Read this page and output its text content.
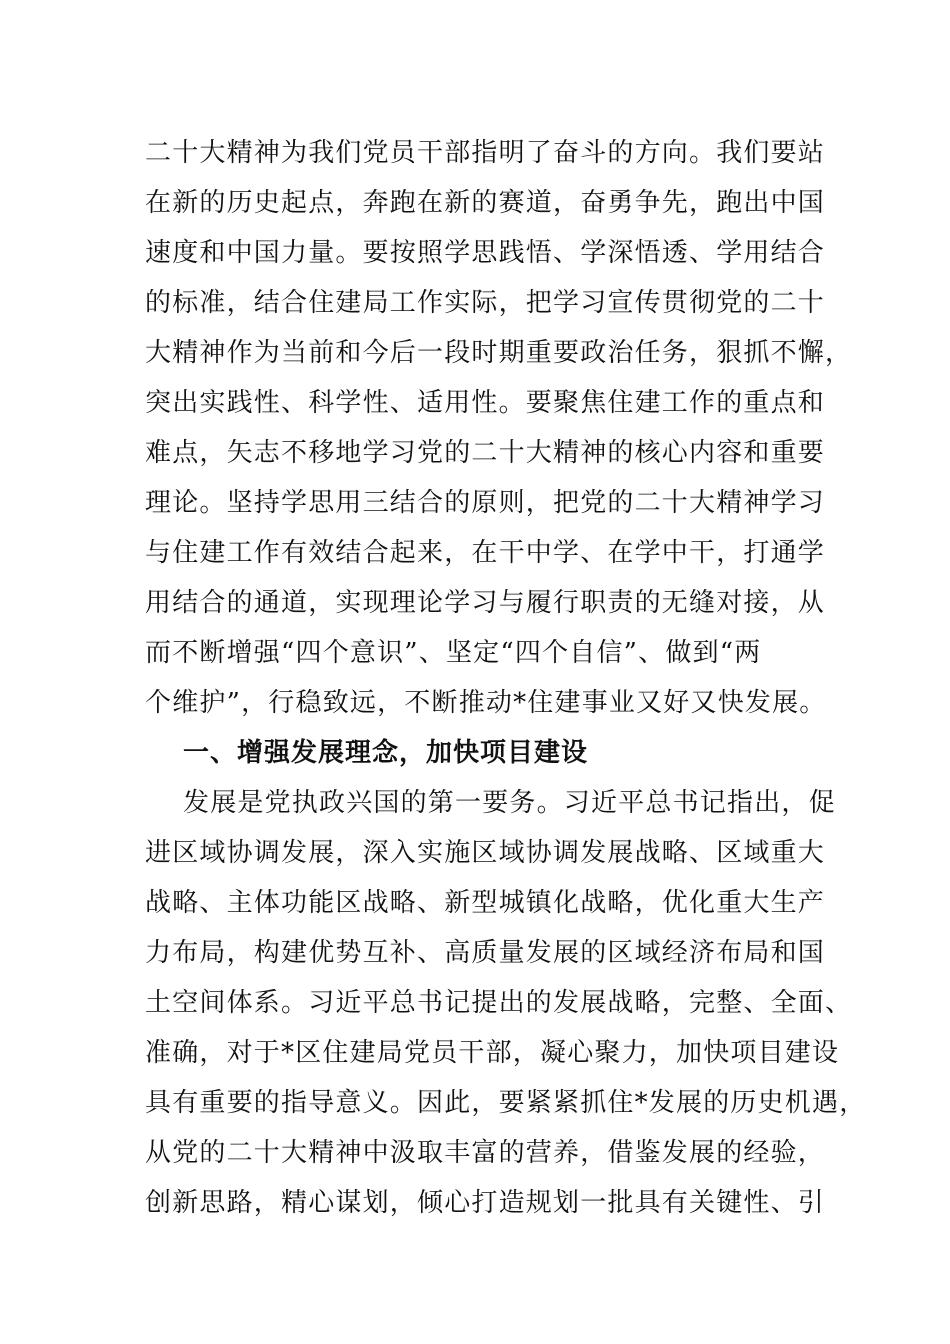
二十大精神为我们党员干部指明了奋斗的方向。我们要站
在新的历史起点，奔跑在新的赛道，奋勇争先，跑出中国
速度和中国力量。要按照学思践悟、学深悟透、学用结合
的标准，结合住建局工作实际，把学习宣传贯彻党的二十
大精神作为当前和今后一段时期重要政治任务，狠抓不懈，
突出实践性、科学性、适用性。要聚焦住建工作的重点和
难点，矢志不移地学习党的二十大精神的核心内容和重要
理论。坚持学思用三结合的原则，把党的二十大精神学习
与住建工作有效结合起来，在干中学、在学中干，打通学
用结合的通道，实现理论学习与履行职责的无缝对接，从
而不断增强“四个意识”、坚定“四个自信”、做到“两
个维护”，行稳致远，不断推动*住建事业又好又快发展。
一、增强发展理念，加快项目建设
发展是党执政兴国的第一要务。习近平总书记指出，促
进区域协调发展，深入实施区域协调发展战略、区域重大
战略、主体功能区战略、新型城镇化战略，优化重大生产
力布局，构建优势互补、高质量发展的区域经济布局和国
土空间体系。习近平总书记提出的发展战略，完整、全面、
准确，对于*区住建局党员干部，凝心聚力，加快项目建设
具有重要的指导意义。因此，要紧紧抓住*发展的历史机遇，
从党的二十大精神中汲取丰富的营养，借鉴发展的经验，
创新思路，精心谋划，倾心打造规划一批具有关键性、引
